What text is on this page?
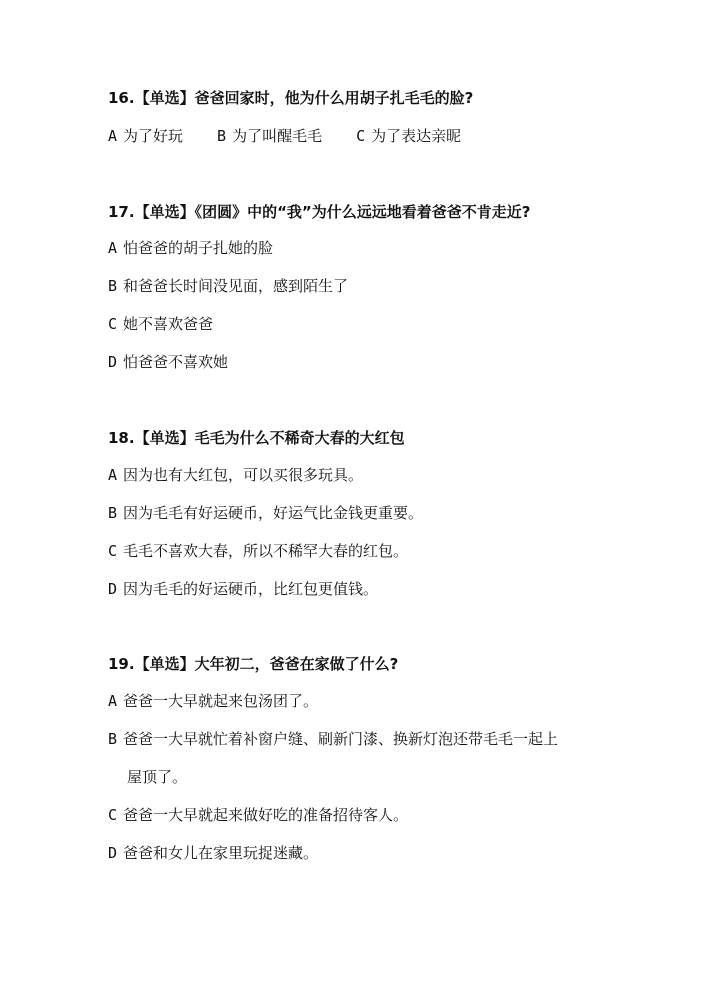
16.【单选】爸爸回家时，他为什么用胡子扎毛毛的脸?
A 为了好玩 B 为了叫醒毛毛 C 为了表达亲昵
17.【单选】《团圆》中的“我”为什么远远地看着爸爸不肯走近?
A 怕爸爸的胡子扎她的脸
B 和爸爸长时间没见面，感到陌生了
C 她不喜欢爸爸
D 怕爸爸不喜欢她
18.【单选】毛毛为什么不稀奇大春的大红包
A 因为也有大红包，可以买很多玩具。
B 因为毛毛有好运硬币，好运气比金钱更重要。
C 毛毛不喜欢大春，所以不稀罕大春的红包。
D 因为毛毛的好运硬币，比红包更值钱。
19.【单选】大年初二，爸爸在家做了什么?
A 爸爸一大早就起来包汤团了。
B 爸爸一大早就忙着补窗户缝、刷新门漆、换新灯泡还带毛毛一起上
屋顶了。
C 爸爸一大早就起来做好吃的准备招待客人。
D 爸爸和女儿在家里玩捉迷藏。
